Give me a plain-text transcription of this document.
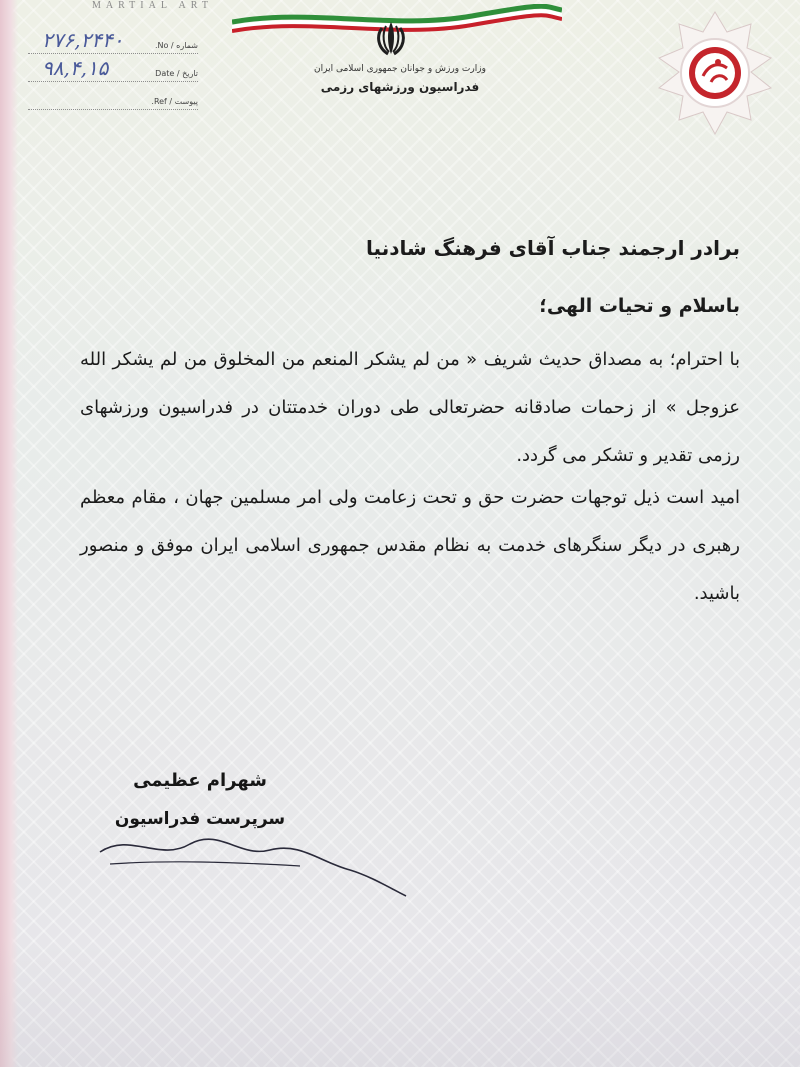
MARTIAL ART
۲۷۶,۲۴۴۰	شماره / No.
۹۸,۴,۱۵	تاریخ / Date
پیوست / Ref.
وزارت ورزش و جوانان جمهوری اسلامی ایران
فدراسیون ورزشهای رزمی
برادر ارجمند جناب آقای فرهنگ شادنیا
باسلام و تحیات الهی؛
با احترام؛ به مصداق حدیث شریف « من لم یشکر المنعم من المخلوق من لم یشکر الله عزوجل » از زحمات صادقانه حضرتعالی طی دوران خدمتتان در فدراسیون ورزشهای رزمی تقدیر و تشکر می گردد.
امید است ذیل توجهات حضرت حق و تحت زعامت ولی امر مسلمین جهان ، مقام معظم رهبری در دیگر سنگرهای خدمت به نظام مقدس جمهوری اسلامی ایران موفق و منصور باشید.
شهرام عظیمی
سرپرست فدراسیون
